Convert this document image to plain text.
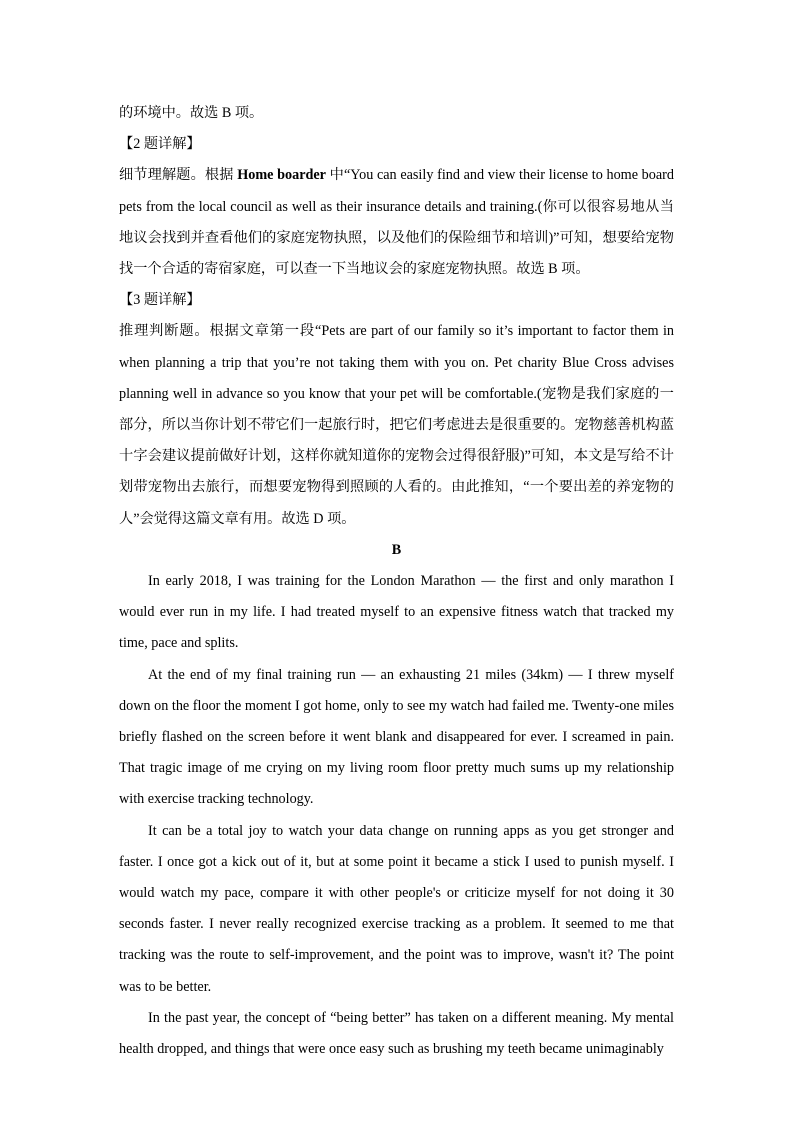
的环境中。故选 B 项。

【2 题详解】

细节理解题。根据 Home boarder 中“You can easily find and view their license to home board pets from the local council as well as their insurance details and training.(你可以很容易地从当地议会找到并查看他们的家庭宠物执照，以及他们的保险细节和培训)”可知，想要给宠物找一个合适的寄宿家庭，可以查一下当地议会的家庭宠物执照。故选 B 项。

【3 题详解】

推理判断题。根据文章第一段“Pets are part of our family so it’s important to factor them in when planning a trip that you’re not taking them with you on. Pet charity Blue Cross advises planning well in advance so you know that your pet will be comfortable.(宠物是我们家庭的一部分，所以当你计划不带它们一起旅行时，把它们考虑进去是很重要的。宠物慈善机构蓝十字会建议提前做好计划，这样你就知道你的宠物会过得很舒服)”可知，本文是写给不计划带宠物出去旅行，而想要宠物得到照顾的人看的。由此推知，“一个要出差的养宠物的人”会觉得这篇文章有用。故选 D 项。

B

In early 2018, I was training for the London Marathon — the first and only marathon I would ever run in my life. I had treated myself to an expensive fitness watch that tracked my time, pace and splits.

At the end of my final training run — an exhausting 21 miles (34km) — I threw myself down on the floor the moment I got home, only to see my watch had failed me. Twenty-one miles briefly flashed on the screen before it went blank and disappeared for ever. I screamed in pain. That tragic image of me crying on my living room floor pretty much sums up my relationship with exercise tracking technology.

It can be a total joy to watch your data change on running apps as you get stronger and faster. I once got a kick out of it, but at some point it became a stick I used to punish myself. I would watch my pace, compare it with other people's or criticize myself for not doing it 30 seconds faster. I never really recognized exercise tracking as a problem. It seemed to me that tracking was the route to self-improvement, and the point was to improve, wasn't it? The point was to be better.

In the past year, the concept of “being better” has taken on a different meaning. My mental health dropped, and things that were once easy such as brushing my teeth became unimaginably
